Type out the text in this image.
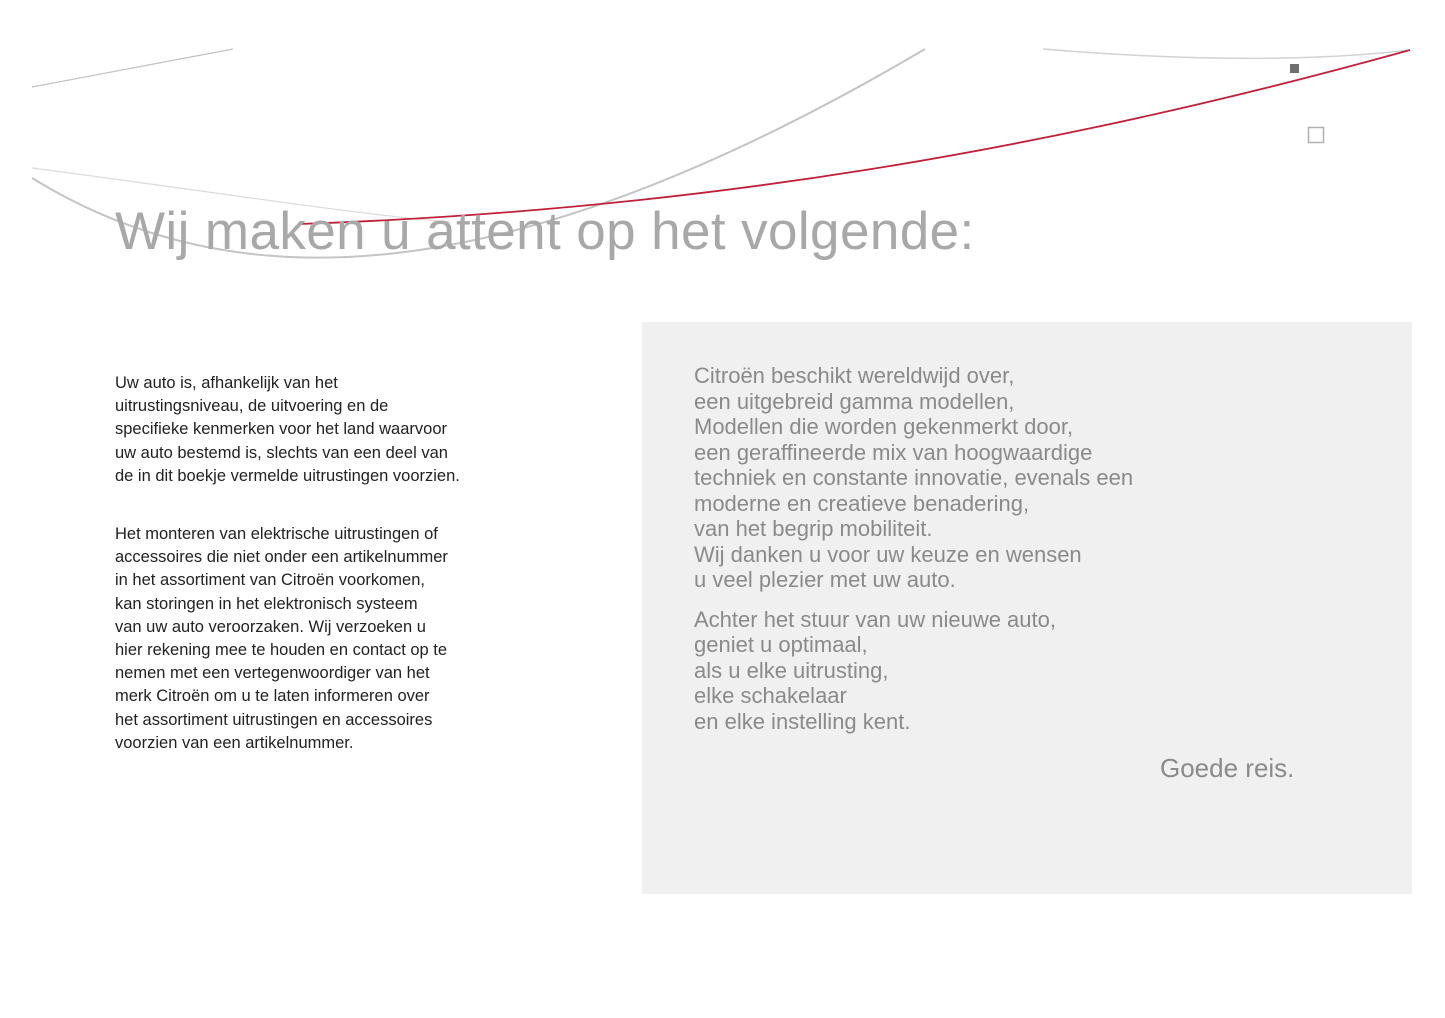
Wij maken u attent op het volgende:

Uw auto is, afhankelijk van het
uitrustingsniveau, de uitvoering en de
specifieke kenmerken voor het land waarvoor
uw auto bestemd is, slechts van een deel van
de in dit boekje vermelde uitrustingen voorzien.

Het monteren van elektrische uitrustingen of
accessoires die niet onder een artikelnummer
in het assortiment van Citroën voorkomen,
kan storingen in het elektronisch systeem
van uw auto veroorzaken. Wij verzoeken u
hier rekening mee te houden en contact op te
nemen met een vertegenwoordiger van het
merk Citroën om u te laten informeren over
het assortiment uitrustingen en accessoires
voorzien van een artikelnummer.

Citroën beschikt wereldwijd over,
een uitgebreid gamma modellen,
Modellen die worden gekenmerkt door,
een geraffineerde mix van hoogwaardige
techniek en constante innovatie, evenals een
moderne en creatieve benadering,
van het begrip mobiliteit.
Wij danken u voor uw keuze en wensen
u veel plezier met uw auto.

Achter het stuur van uw nieuwe auto,
geniet u optimaal,
als u elke uitrusting,
elke schakelaar
en elke instelling kent.

Goede reis.
